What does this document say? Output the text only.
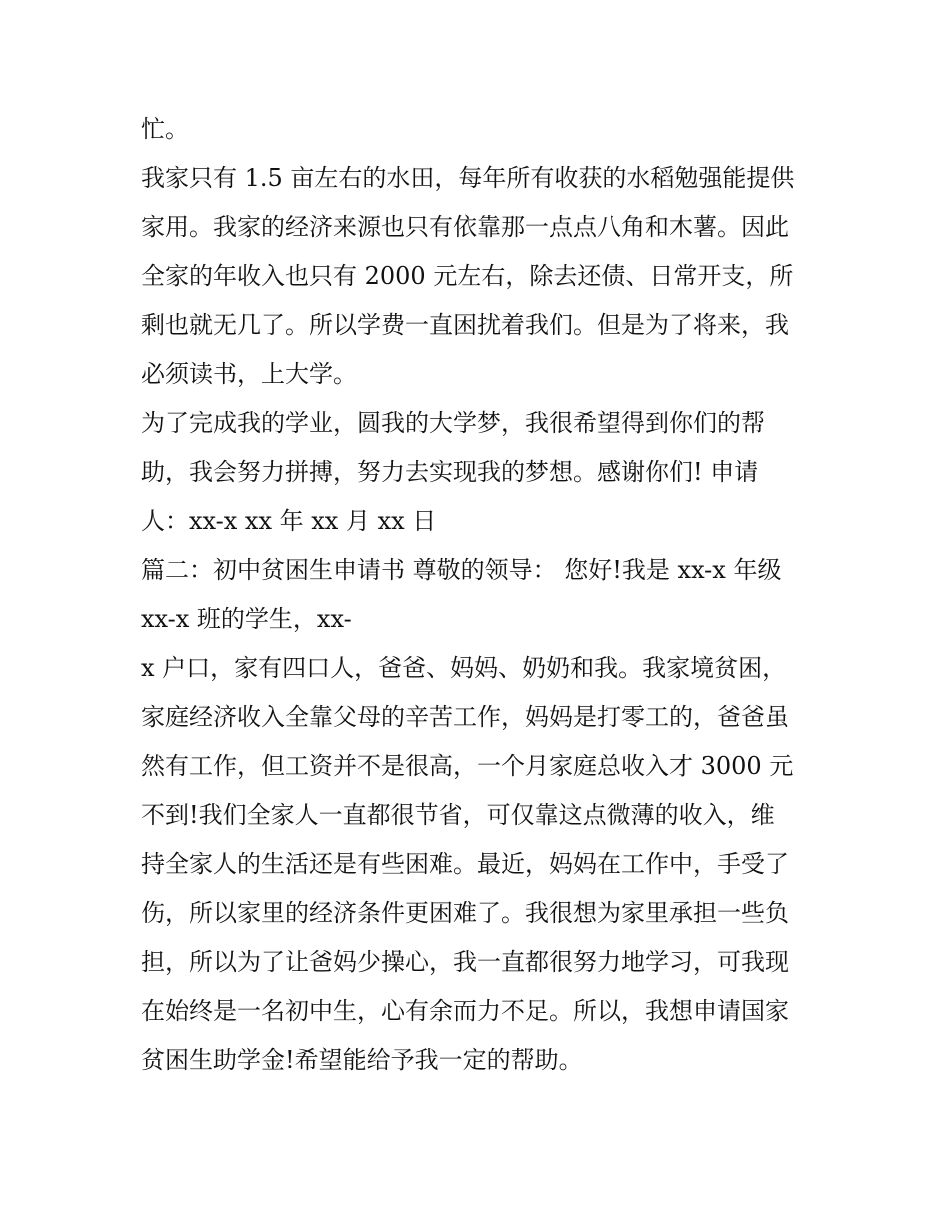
忙。
我家只有 1.5 亩左右的水田，每年所有收获的水稻勉强能提供
家用。我家的经济来源也只有依靠那一点点八角和木薯。因此
全家的年收入也只有 2000 元左右，除去还债、日常开支，所
剩也就无几了。所以学费一直困扰着我们。但是为了将来，我
必须读书，上大学。
为了完成我的学业，圆我的大学梦，我很希望得到你们的帮
助，我会努力拼搏，努力去实现我的梦想。感谢你们! 申请
人：xx-x xx 年 xx 月 xx 日
篇二：初中贫困生申请书 尊敬的领导： 您好!我是 xx-x 年级
xx-x 班的学生，xx-
x 户口，家有四口人，爸爸、妈妈、奶奶和我。我家境贫困，
家庭经济收入全靠父母的辛苦工作，妈妈是打零工的，爸爸虽
然有工作，但工资并不是很高，一个月家庭总收入才 3000 元
不到!我们全家人一直都很节省，可仅靠这点微薄的收入，维
持全家人的生活还是有些困难。最近，妈妈在工作中，手受了
伤，所以家里的经济条件更困难了。我很想为家里承担一些负
担，所以为了让爸妈少操心，我一直都很努力地学习，可我现
在始终是一名初中生，心有余而力不足。所以，我想申请国家
贫困生助学金!希望能给予我一定的帮助。
